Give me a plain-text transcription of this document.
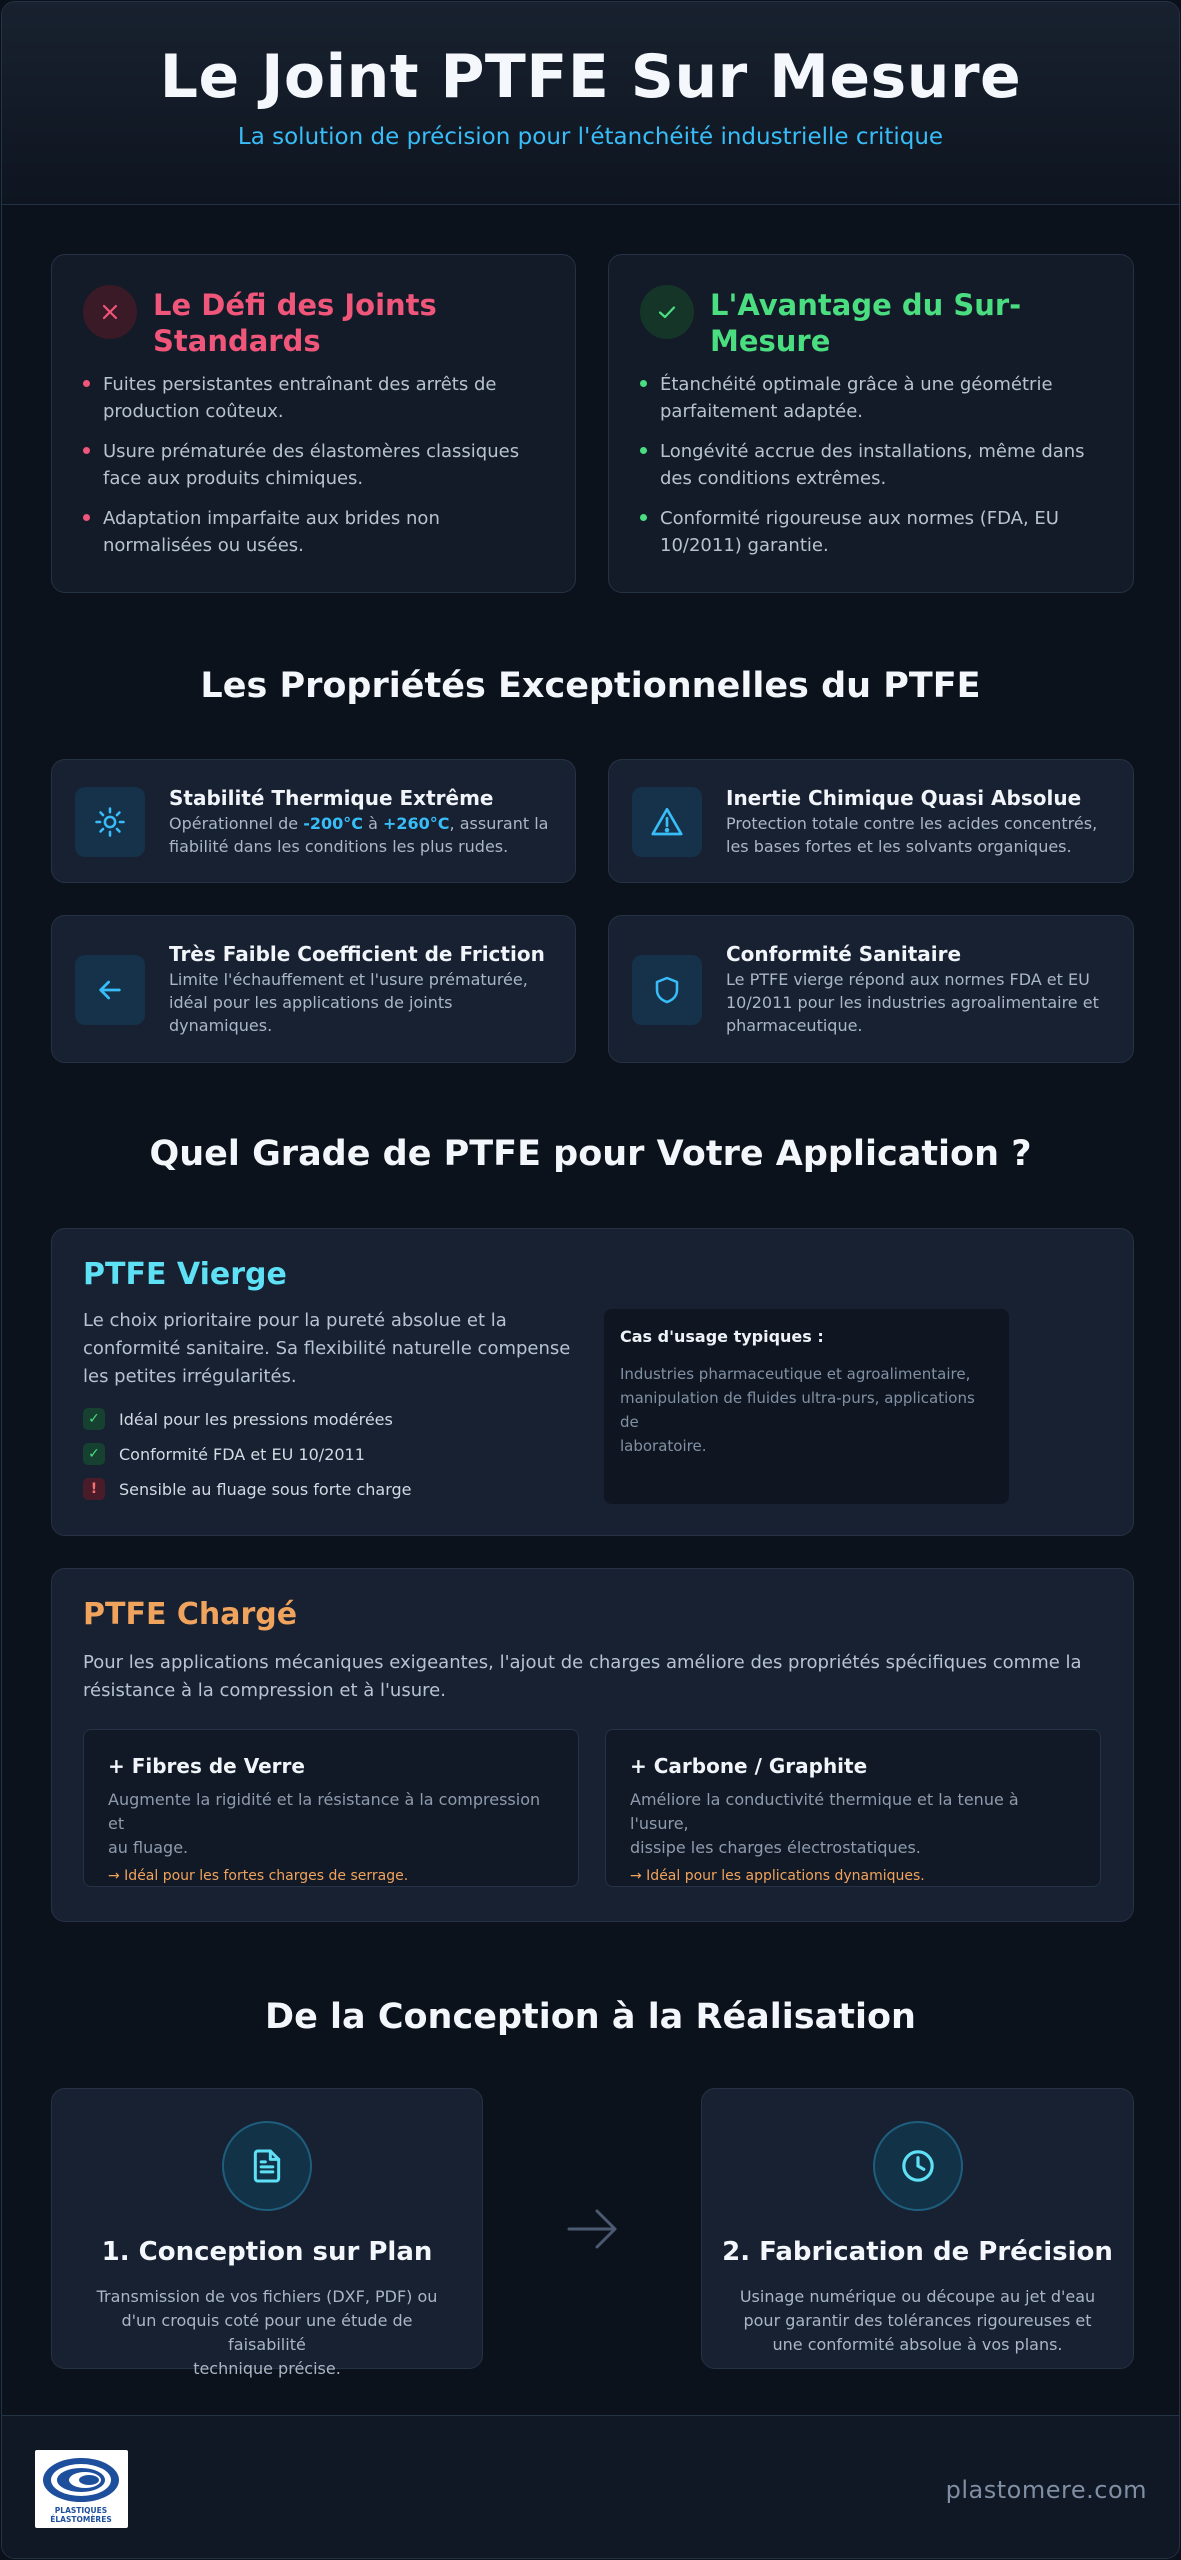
Le Joint PTFE Sur Mesure

La solution de précision pour l'étanchéité industrielle critique

Le Défi des Joints
Standards
Fuites persistantes entraînant des arrêts de
production coûteux.
Usure prématurée des élastomères classiques
face aux produits chimiques.
Adaptation imparfaite aux brides non
normalisées ou usées.
L'Avantage du Sur-
Mesure
Étanchéité optimale grâce à une géométrie
parfaitement adaptée.
Longévité accrue des installations, même dans
des conditions extrêmes.
Conformité rigoureuse aux normes (FDA, EU
10/2011) garantie.
Les Propriétés Exceptionnelles du PTFE
Stabilité Thermique Extrême
Opérationnel de -200°C à +260°C, assurant la
fiabilité dans les conditions les plus rudes.
Inertie Chimique Quasi Absolue
Protection totale contre les acides concentrés,
les bases fortes et les solvants organiques.
Très Faible Coefficient de Friction
Limite l'échauffement et l'usure prématurée,
idéal pour les applications de joints
dynamiques.
Conformité Sanitaire
Le PTFE vierge répond aux normes FDA et EU
10/2011 pour les industries agroalimentaire et
pharmaceutique.
Quel Grade de PTFE pour Votre Application ?
PTFE Vierge
Le choix prioritaire pour la pureté absolue et la
conformité sanitaire. Sa flexibilité naturelle compense
les petites irrégularités.
✓	Idéal pour les pressions modérées
✓	Conformité FDA et EU 10/2011
!	Sensible au fluage sous forte charge
Cas d'usage typiques :

Industries pharmaceutique et agroalimentaire,
manipulation de fluides ultra-purs, applications de
laboratoire.

PTFE Chargé
Pour les applications mécaniques exigeantes, l'ajout de charges améliore des propriétés spécifiques comme la
résistance à la compression et à l'usure.
+ Fibres de Verre

Augmente la rigidité et la résistance à la compression et
au fluage.

→ Idéal pour les fortes charges de serrage.
+ Carbone / Graphite

Améliore la conductivité thermique et la tenue à l'usure,
dissipe les charges électrostatiques.

→ Idéal pour les applications dynamiques.
De la Conception à la Réalisation
1. Conception sur Plan
Transmission de vos fichiers (DXF, PDF) ou
d'un croquis coté pour une étude de faisabilité
technique précise.
2. Fabrication de Précision
Usinage numérique ou découpe au jet d'eau
pour garantir des tolérances rigoureuses et
une conformité absolue à vos plans.
PLASTIQUES
ÉLASTOMÈRES
plastomere.com
